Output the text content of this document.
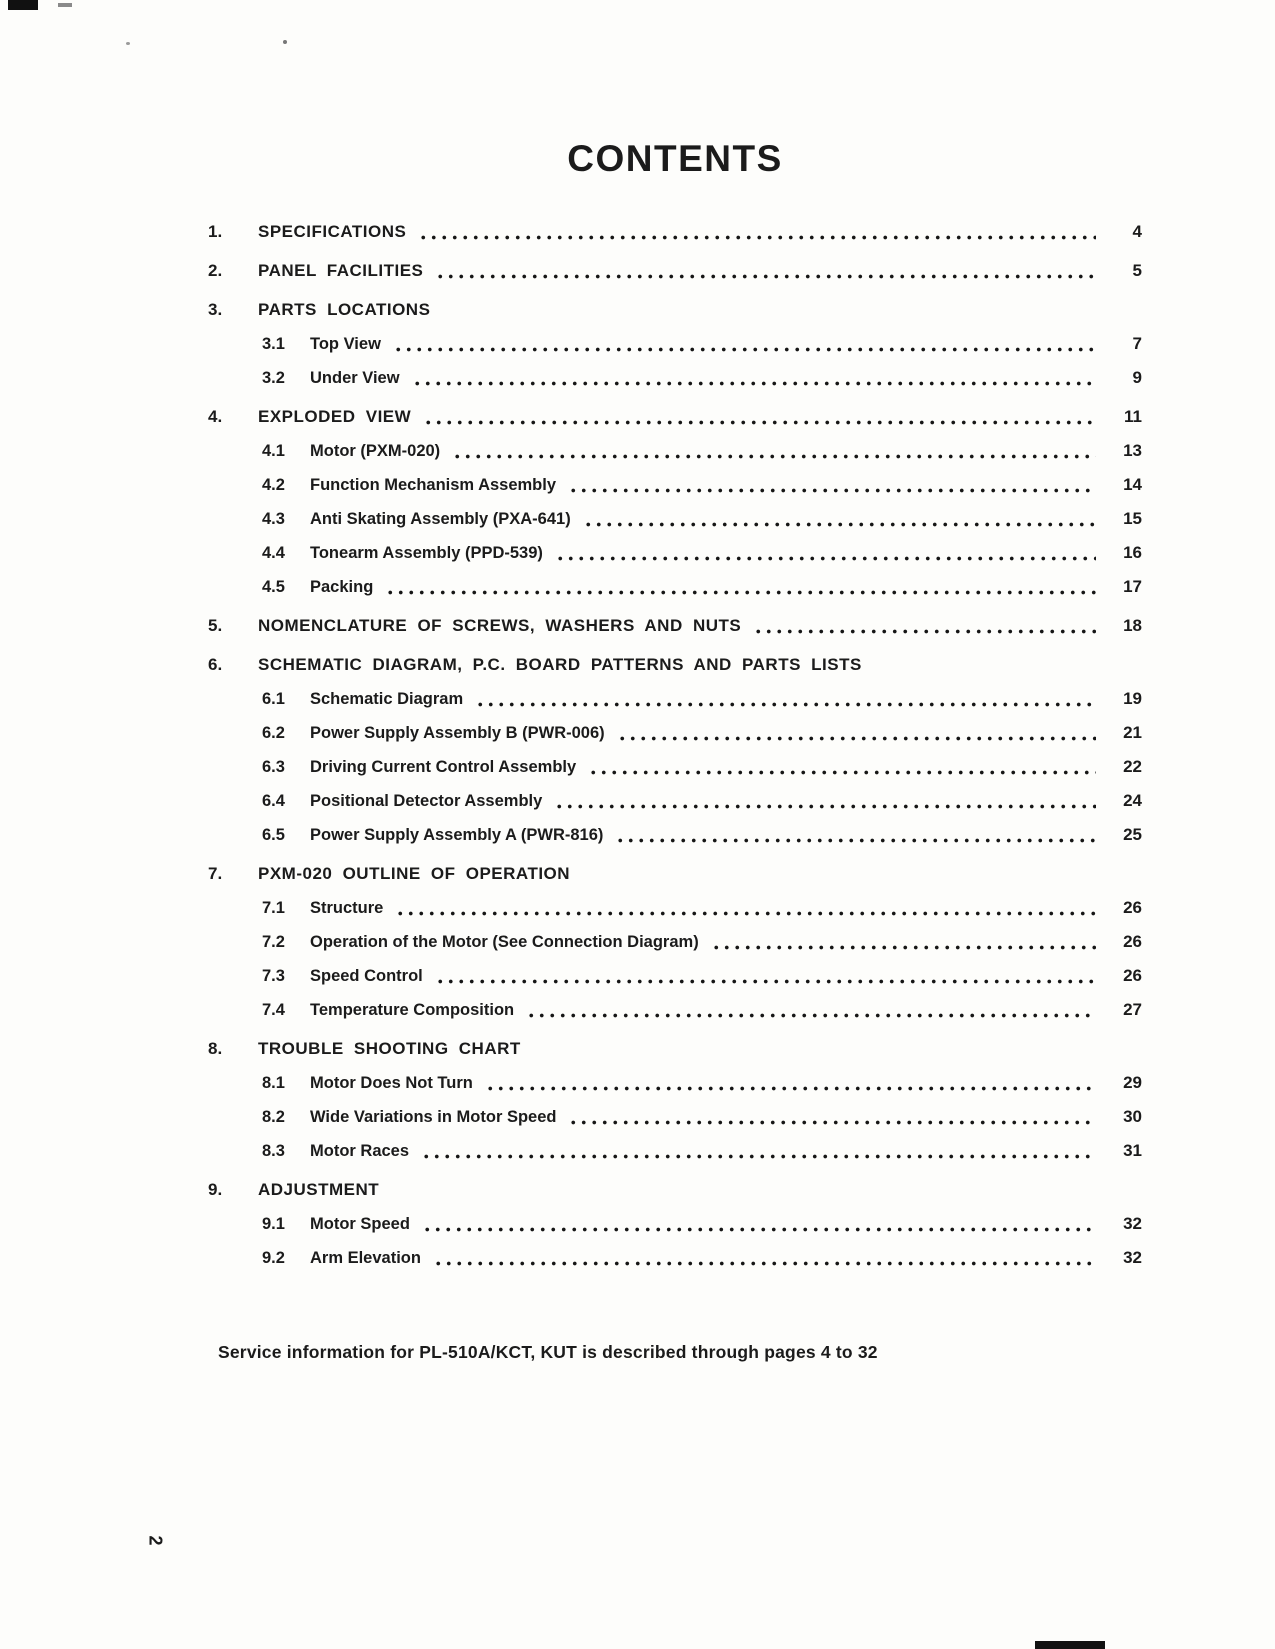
CONTENTS
1.	SPECIFICATIONS	4
2.	PANEL FACILITIES	5
3.	PARTS LOCATIONS
3.1	Top View	7
3.2	Under View	9
4.	EXPLODED VIEW	11
4.1	Motor (PXM-020)	13
4.2	Function Mechanism Assembly	14
4.3	Anti Skating Assembly (PXA-641)	15
4.4	Tonearm Assembly (PPD-539)	16
4.5	Packing	17
5.	NOMENCLATURE OF SCREWS, WASHERS AND NUTS	18
6.	SCHEMATIC DIAGRAM, P.C. BOARD PATTERNS AND PARTS LISTS
6.1	Schematic Diagram	19
6.2	Power Supply Assembly B (PWR-006)	21
6.3	Driving Current Control Assembly	22
6.4	Positional Detector Assembly	24
6.5	Power Supply Assembly A (PWR-816)	25
7.	PXM-020 OUTLINE OF OPERATION
7.1	Structure	26
7.2	Operation of the Motor (See Connection Diagram)	26
7.3	Speed Control	26
7.4	Temperature Composition	27
8.	TROUBLE SHOOTING CHART
8.1	Motor Does Not Turn	29
8.2	Wide Variations in Motor Speed	30
8.3	Motor Races	31
9.	ADJUSTMENT
9.1	Motor Speed	32
9.2	Arm Elevation	32

Service information for PL-510A/KCT, KUT is described through pages 4 to 32

2
